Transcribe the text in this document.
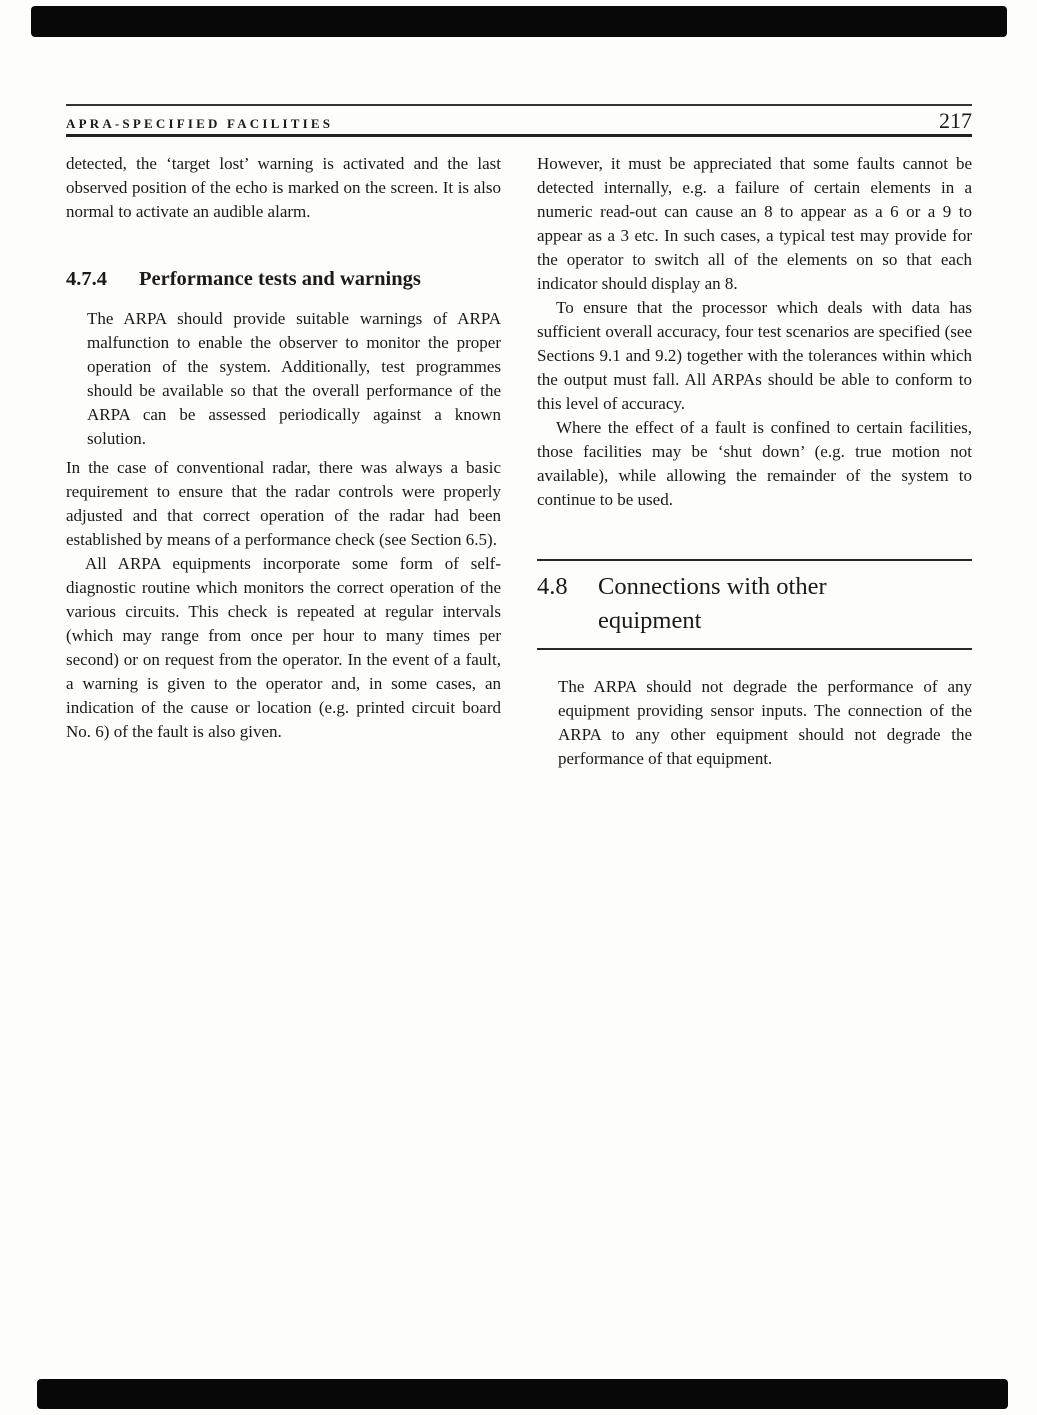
APRA-SPECIFIED FACILITIES	217

detected, the ‘target lost’ warning is activated and the last observed position of the echo is marked on the screen. It is also normal to activate an audible alarm.

4.7.4	Performance tests and warnings

The ARPA should provide suitable warnings of ARPA malfunction to enable the observer to monitor the proper operation of the system. Additionally, test programmes should be available so that the overall performance of the ARPA can be assessed periodically against a known solution.

In the case of conventional radar, there was always a basic requirement to ensure that the radar controls were properly adjusted and that correct operation of the radar had been established by means of a performance check (see Section 6.5).

All ARPA equipments incorporate some form of self-diagnostic routine which monitors the correct operation of the various circuits. This check is repeated at regular intervals (which may range from once per hour to many times per second) or on request from the operator. In the event of a fault, a warning is given to the operator and, in some cases, an indication of the cause or location (e.g. printed circuit board No. 6) of the fault is also given.

However, it must be appreciated that some faults cannot be detected internally, e.g. a failure of certain elements in a numeric read-out can cause an 8 to appear as a 6 or a 9 to appear as a 3 etc. In such cases, a typical test may provide for the operator to switch all of the elements on so that each indicator should display an 8.

To ensure that the processor which deals with data has sufficient overall accuracy, four test scenarios are specified (see Sections 9.1 and 9.2) together with the tolerances within which the output must fall. All ARPAs should be able to conform to this level of accuracy.

Where the effect of a fault is confined to certain facilities, those facilities may be ‘shut down’ (e.g. true motion not available), while allowing the remainder of the system to continue to be used.

4.8	Connections with other equipment

The ARPA should not degrade the performance of any equipment providing sensor inputs. The connection of the ARPA to any other equipment should not degrade the performance of that equipment.
